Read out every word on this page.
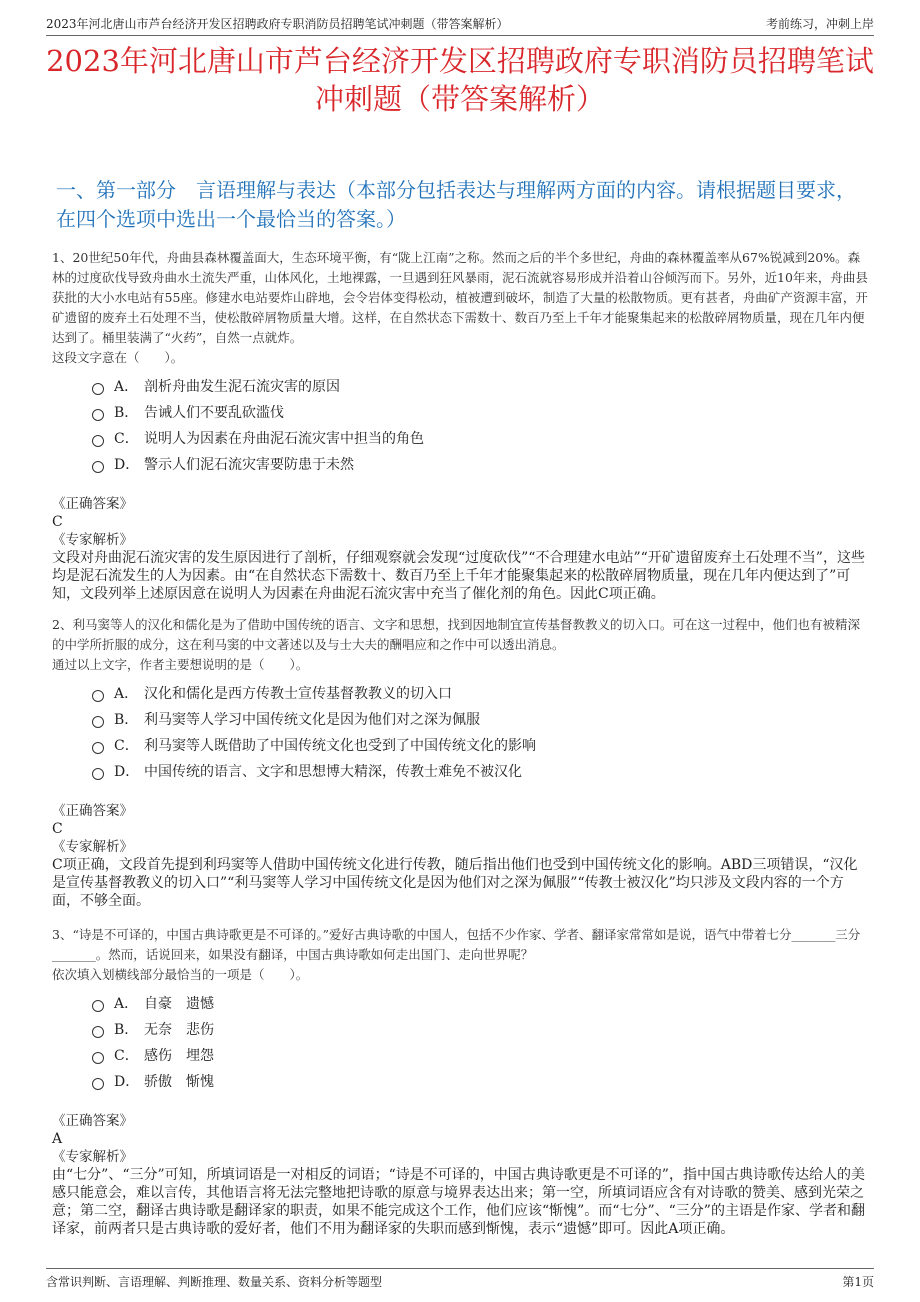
2023年河北唐山市芦台经济开发区招聘政府专职消防员招聘笔试冲刺题（带答案解析）	考前练习，冲刺上岸
2023年河北唐山市芦台经济开发区招聘政府专职消防员招聘笔试冲刺题（带答案解析）
一、第一部分　言语理解与表达（本部分包括表达与理解两方面的内容。请根据题目要求，在四个选项中选出一个最恰当的答案。）

1、20世纪50年代，舟曲县森林覆盖面大，生态环境平衡，有“陇上江南”之称。然而之后的半个多世纪，舟曲的森林覆盖率从67%锐减到20%。森林的过度砍伐导致舟曲水土流失严重，山体风化，土地裸露，一旦遇到狂风暴雨，泥石流就容易形成并沿着山谷倾泻而下。另外，近10年来，舟曲县获批的大小水电站有55座。修建水电站要炸山辟地，会令岩体变得松动，植被遭到破坏，制造了大量的松散物质。更有甚者，舟曲矿产资源丰富，开矿遗留的废弃土石处理不当，使松散碎屑物质量大增。这样，在自然状态下需数十、数百乃至上千年才能聚集起来的松散碎屑物质量，现在几年内便达到了。桶里装满了“火药”，自然一点就炸。

这段文字意在（　　）。

A． 剖析舟曲发生泥石流灾害的原因
B． 告诫人们不要乱砍滥伐
C． 说明人为因素在舟曲泥石流灾害中担当的角色
D． 警示人们泥石流灾害要防患于未然
《正确答案》
C
《专家解析》

文段对舟曲泥石流灾害的发生原因进行了剖析，仔细观察就会发现“过度砍伐”“不合理建水电站”“开矿遗留废弃土石处理不当”，这些均是泥石流发生的人为因素。由“在自然状态下需数十、数百乃至上千年才能聚集起来的松散碎屑物质量，现在几年内便达到了”可知，文段列举上述原因意在说明人为因素在舟曲泥石流灾害中充当了催化剂的角色。因此C项正确。

2、利马窦等人的汉化和儒化是为了借助中国传统的语言、文字和思想，找到因地制宜宣传基督教教义的切入口。可在这一过程中，他们也有被精深的中学所折服的成分，这在利马窦的中文著述以及与士大夫的酬唱应和之作中可以透出消息。

通过以上文字，作者主要想说明的是（　　）。

A． 汉化和儒化是西方传教士宣传基督教教义的切入口
B． 利马窦等人学习中国传统文化是因为他们对之深为佩服
C． 利马窦等人既借助了中国传统文化也受到了中国传统文化的影响
D． 中国传统的语言、文字和思想博大精深，传教士难免不被汉化
《正确答案》
C
《专家解析》

C项正确，文段首先提到利玛窦等人借助中国传统文化进行传教，随后指出他们也受到中国传统文化的影响。ABD三项错误，“汉化是宣传基督教教义的切入口”“利马窦等人学习中国传统文化是因为他们对之深为佩服”“传教士被汉化”均只涉及文段内容的一个方面，不够全面。

3、“诗是不可译的，中国古典诗歌更是不可译的。”爱好古典诗歌的中国人，包括不少作家、学者、翻译家常常如是说，语气中带着七分_______三分_______。然而，话说回来，如果没有翻译，中国古典诗歌如何走出国门、走向世界呢？

依次填入划横线部分最恰当的一项是（　　）。

A． 自豪　遗憾
B． 无奈　悲伤
C． 感伤　埋怨
D． 骄傲　惭愧
《正确答案》
A
《专家解析》

由“七分”、“三分”可知，所填词语是一对相反的词语；“诗是不可译的，中国古典诗歌更是不可译的”，指中国古典诗歌传达给人的美感只能意会，难以言传，其他语言将无法完整地把诗歌的原意与境界表达出来；第一空，所填词语应含有对诗歌的赞美、感到光荣之意；第二空，翻译古典诗歌是翻译家的职责，如果不能完成这个工作，他们应该“惭愧”。而“七分”、“三分”的主语是作家、学者和翻译家，前两者只是古典诗歌的爱好者，他们不用为翻译家的失职而感到惭愧，表示“遗憾”即可。因此A项正确。

含常识判断、言语理解、判断推理、数量关系、资料分析等题型	第1页
